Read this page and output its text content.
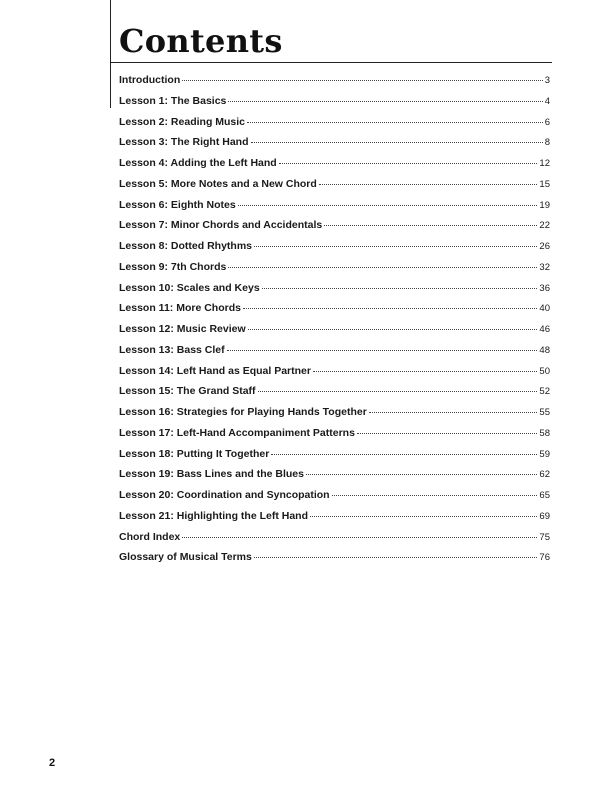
Contents
Introduction	3
Lesson 1: The Basics	4
Lesson 2: Reading Music	6
Lesson 3: The Right Hand	8
Lesson 4: Adding the Left Hand	12
Lesson 5: More Notes and a New Chord	15
Lesson 6: Eighth Notes	19
Lesson 7: Minor Chords and Accidentals	22
Lesson 8: Dotted Rhythms	26
Lesson 9: 7th Chords	32
Lesson 10: Scales and Keys	36
Lesson 11: More Chords	40
Lesson 12: Music Review	46
Lesson 13: Bass Clef	48
Lesson 14: Left Hand as Equal Partner	50
Lesson 15: The Grand Staff	52
Lesson 16: Strategies for Playing Hands Together	55
Lesson 17: Left-Hand Accompaniment Patterns	58
Lesson 18: Putting It Together	59
Lesson 19: Bass Lines and the Blues	62
Lesson 20: Coordination and Syncopation	65
Lesson 21: Highlighting the Left Hand	69
Chord Index	75
Glossary of Musical Terms	76
2
